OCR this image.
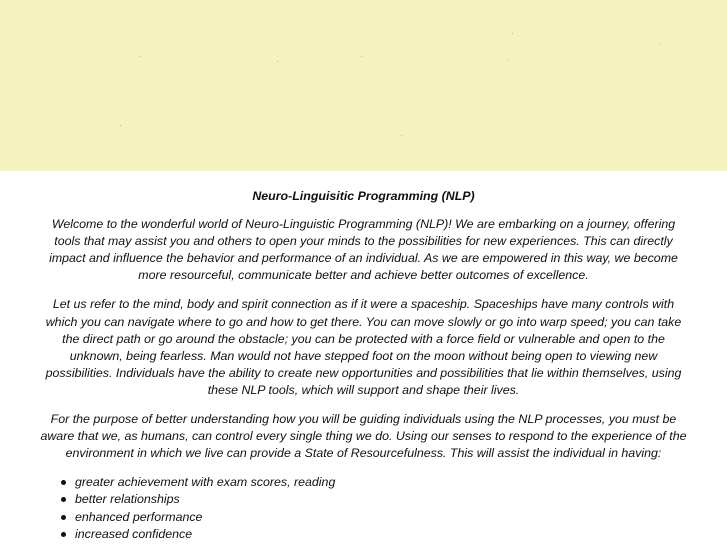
Neuro-Linguisitic Programming (NLP)

Welcome to the wonderful world of Neuro-Linguistic Programming (NLP)! We are embarking on a journey, offering tools that may assist you and others to open your minds to the possibilities for new experiences. This can directly impact and influence the behavior and performance of an individual. As we are empowered in this way, we become more resourceful, communicate better and achieve better outcomes of excellence.

Let us refer to the mind, body and spirit connection as if it were a spaceship. Spaceships have many controls with which you can navigate where to go and how to get there. You can move slowly or go into warp speed; you can take the direct path or go around the obstacle; you can be protected with a force field or vulnerable and open to the unknown, being fearless. Man would not have stepped foot on the moon without being open to viewing new possibilities. Individuals have the ability to create new opportunities and possibilities that lie within themselves, using these NLP tools, which will support and shape their lives.

For the purpose of better understanding how you will be guiding individuals using the NLP processes, you must be aware that we, as humans, can control every single thing we do. Using our senses to respond to the experience of the environment in which we live can provide a State of Resourcefulness. This will assist the individual in having:

greater achievement with exam scores, reading
better relationships
enhanced performance
increased confidence
